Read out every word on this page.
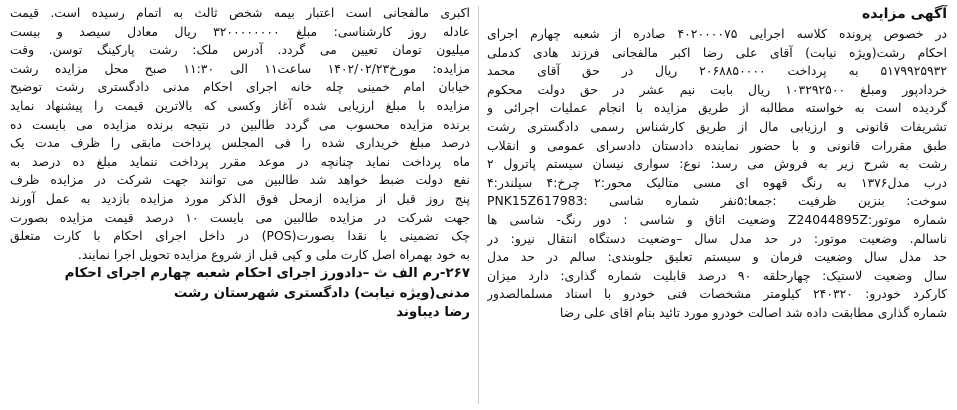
آگهی مزایده
در خصوص پرونده کلاسه اجرایی ۴۰۲۰۰۰۰۷۵ صادره از شعبه چهارم اجرای
احکام رشت(ویژه نیابت) آقای علی رضا اکبر مالفجانی فرزند هادی کدملی
۵۱۷۹۹۲۵۹۳۲ به پرداخت ۲۰۶۸۸۵۰۰۰۰ ریال در حق آقای محمد
خردادپور ومبلغ ۱۰۳۲۹۲۵۰۰ ریال بابت نیم عشر در حق دولت محکوم
گردیده است به خواسته مطالبه از طریق مزایده با انجام عملیات اجرائی و
تشریفات قانونی و ارزیابی مال از طریق کارشناس رسمی دادگستری رشت
طبق مقررات قانونی و با حضور نماینده دادستان دادسرای عمومی و انقلاب
رشت به شرح زیر به فروش می رسد: نوع: سواری نیسان سیستم پاترول ۲
درب مدل۱۳۷۶ به رنگ قهوه ای مسی متالیک محور:۲ چرخ:۴ سیلندر:۴
سوخت: بنزین ظرفیت :جمعا:۵نفر شماره شاسی :PNK15Z617983
شماره موتور:Z24044895Z وضعیت اتاق و شاسی : دور رنگ- شاسی ها
ناسالم. وضعیت موتور: در حد مدل سال –وضعیت دستگاه انتقال نیرو: در
حد مدل سال وضعیت فرمان و سیستم تعلیق جلوبندی: سالم در حد مدل
سال وضعیت لاستیک: چهارحلقه ۹۰ درصد قابلیت شماره گذاری: دارد میزان
کارکرد خودرو: ۲۴۰۳۲۰ کیلومتر مشخصات فنی خودرو با اسناد مسلمالصدور
شماره گذاری مطابقت داده شد اصالت خودرو مورد تائید بنام اقای علی رضا
اکبری مالفجانی است اعتبار بیمه شخص ثالث به اتمام رسیده است. قیمت
عادله روز کارشناسی: مبلغ ۳۲۰۰۰۰۰۰۰۰ ریال معادل سیصد و بیست
میلیون تومان تعیین می گردد. آدرس ملک: رشت پارکینگ توسن. وقت
مزایده: مورخ۱۴۰۲/۰۲/۲۳ ساعت۱۱ الی ۱۱:۳۰ صبح محل مزایده رشت
خیابان امام خمینی چله خانه اجرای احکام مدنی دادگستری رشت توضیح
مزایده با مبلغ ارزیابی شده آغاز وکسی که بالاترین قیمت را پیشنهاد نماید
برنده مزایده محسوب می گردد طالبین در نتیجه برنده مزایده می بایست ده
درصد مبلغ خریداری شده را فی المجلس پرداخت مابقی را ظرف مدت یک
ماه پرداخت نماید چنانچه در موعد مقرر پرداخت ننماید مبلغ ده درصد به
نفع دولت ضبط خواهد شد طالبین می توانند جهت شرکت در مزایده ظرف
پنج روز قبل از مزایده ازمحل فوق الذکر مورد مزایده بازدید به عمل آورند
جهت شرکت در مزایده طالبین می بایست ۱۰ درصد قیمت مزایده بصورت
چک تضمینی یا نقدا بصورت(POS) در داخل اجرای احکام با کارت متعلق
به خود بهمراه اصل کارت ملی و کپی قبل از شروع مزایده تحویل اجرا نمایند.
۲۶۷-رم الف ث –دادورز اجرای احکام شعبه چهارم اجرای احکام
مدنی(ویژه نیابت) دادگستری شهرستان رشت
رضا دیباوند
